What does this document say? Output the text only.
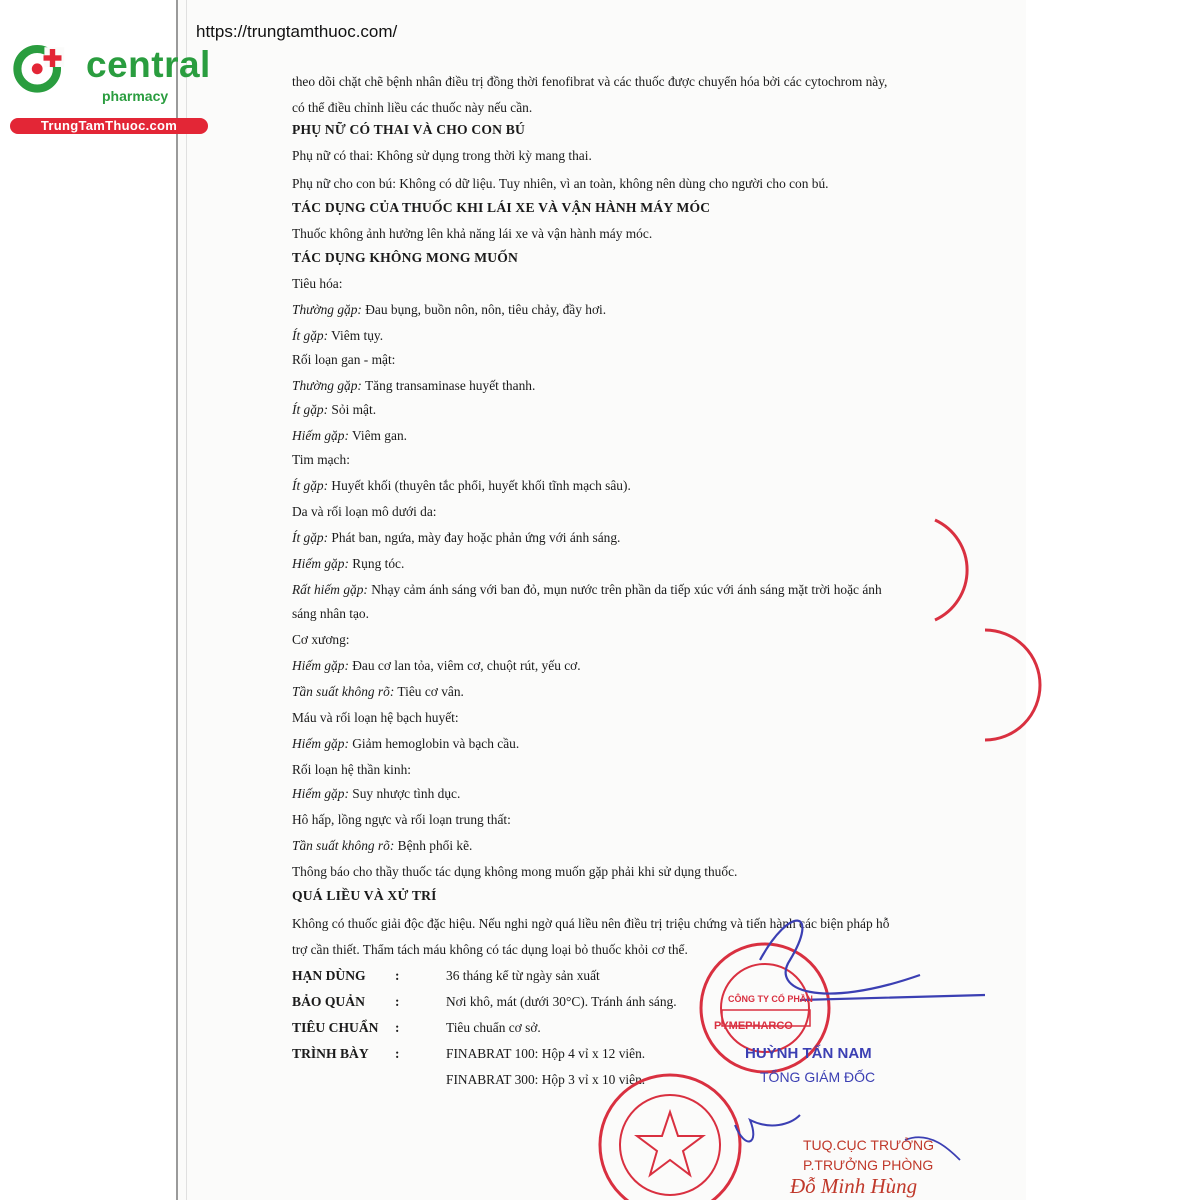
https://trungtamthuoc.com/
central
pharmacy
TrungTamThuoc.com
theo dõi chặt chẽ bệnh nhân điều trị đồng thời fenofibrat và các thuốc được chuyển hóa bởi các cytochrom này,
có thể điều chỉnh liều các thuốc này nếu cần.
PHỤ NỮ CÓ THAI VÀ CHO CON BÚ
Phụ nữ có thai: Không sử dụng trong thời kỳ mang thai.
Phụ nữ cho con bú: Không có dữ liệu. Tuy nhiên, vì an toàn, không nên dùng cho người cho con bú.
TÁC DỤNG CỦA THUỐC KHI LÁI XE VÀ VẬN HÀNH MÁY MÓC
Thuốc không ảnh hưởng lên khả năng lái xe và vận hành máy móc.
TÁC DỤNG KHÔNG MONG MUỐN
Tiêu hóa:
Thường gặp: Đau bụng, buồn nôn, nôn, tiêu chảy, đầy hơi.
Ít gặp: Viêm tụy.
Rối loạn gan - mật:
Thường gặp: Tăng transaminase huyết thanh.
Ít gặp: Sỏi mật.
Hiếm gặp: Viêm gan.
Tim mạch:
Ít gặp: Huyết khối (thuyên tắc phổi, huyết khối tĩnh mạch sâu).
Da và rối loạn mô dưới da:
Ít gặp: Phát ban, ngứa, mày đay hoặc phản ứng với ánh sáng.
Hiếm gặp: Rụng tóc.
Rất hiếm gặp: Nhạy cảm ánh sáng với ban đỏ, mụn nước trên phần da tiếp xúc với ánh sáng mặt trời hoặc ánh
sáng nhân tạo.
Cơ xương:
Hiếm gặp: Đau cơ lan tỏa, viêm cơ, chuột rút, yếu cơ.
Tần suất không rõ: Tiêu cơ vân.
Máu và rối loạn hệ bạch huyết:
Hiếm gặp: Giảm hemoglobin và bạch cầu.
Rối loạn hệ thần kinh:
Hiếm gặp: Suy nhược tình dục.
Hô hấp, lồng ngực và rối loạn trung thất:
Tần suất không rõ: Bệnh phổi kẽ.
Thông báo cho thầy thuốc tác dụng không mong muốn gặp phải khi sử dụng thuốc.
QUÁ LIỀU VÀ XỬ TRÍ
Không có thuốc giải độc đặc hiệu. Nếu nghi ngờ quá liều nên điều trị triệu chứng và tiến hành các biện pháp hỗ
trợ cần thiết. Thẩm tách máu không có tác dụng loại bỏ thuốc khỏi cơ thể.
HẠN DÙNG :	36 tháng kể từ ngày sản xuất
BẢO QUẢN :	Nơi khô, mát (dưới 30°C). Tránh ánh sáng.
TIÊU CHUẨN :	Tiêu chuẩn cơ sở.
TRÌNH BÀY :	FINABRAT 100: Hộp 4 vỉ x 12 viên.
FINABRAT 300: Hộp 3 vỉ x 10 viên.
PYMEPHARCO
CÔNG TY CỔ PHẦN
HUỲNH TẤN NAM
TỔNG GIÁM ĐỐC
TUQ.CỤC TRƯỞNG
P.TRƯỞNG PHÒNG
Đỗ Minh Hùng
